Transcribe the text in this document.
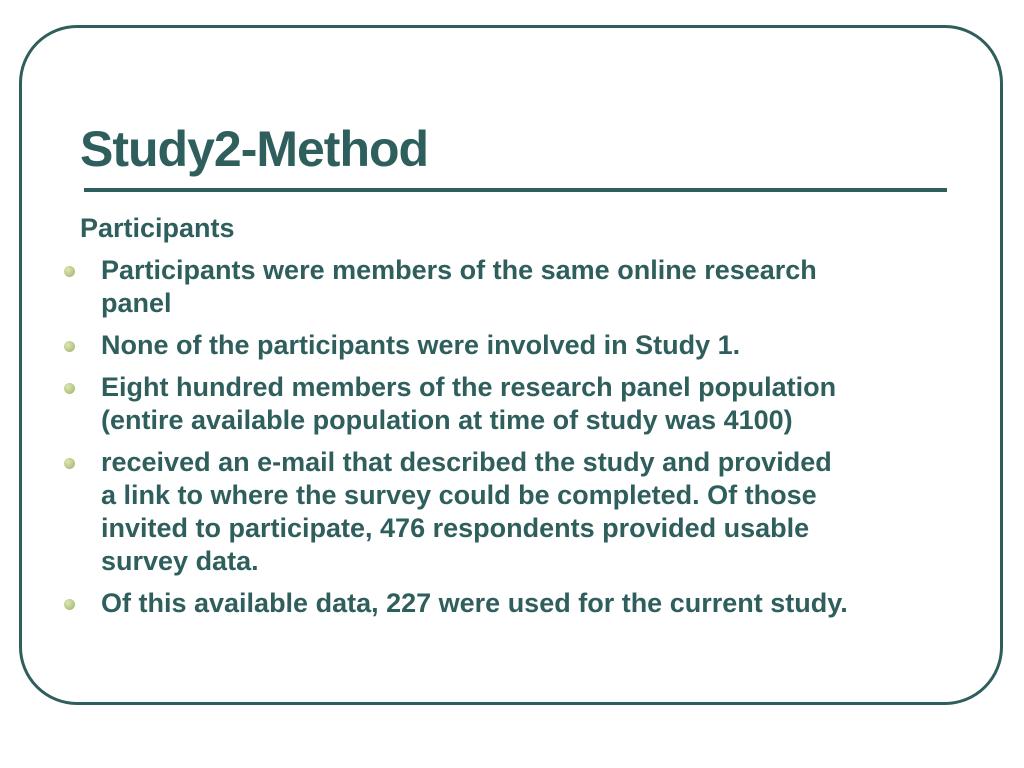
Study2-Method

Participants

Participants were members of the same online research
panel
None of the participants were involved in Study 1.
Eight hundred members of the research panel population
(entire available population at time of study was 4100)
received an e-mail that described the study and provided
a link to where the survey could be completed. Of those
invited to participate, 476 respondents provided usable
survey data.
Of this available data, 227 were used for the current study.
